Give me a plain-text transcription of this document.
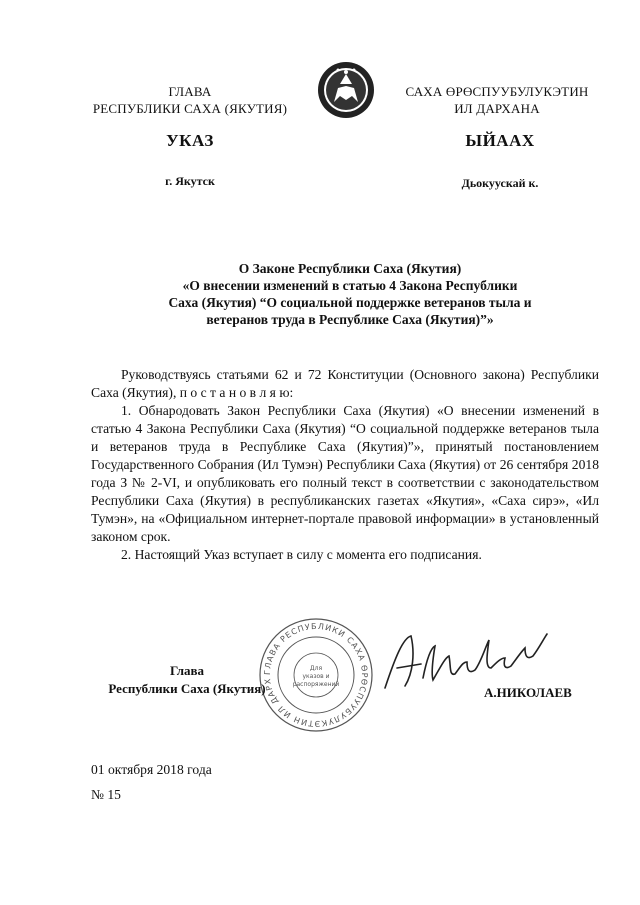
ГЛАВА
РЕСПУБЛИКИ САХА (ЯКУТИЯ)
САХА ӨРӨСПУУБУЛУКЭТИН
ИЛ ДАРХАНА
УКАЗ	ЫЙААХ
г. Якутск	Дьокуускай к.
О Законе Республики Саха (Якутия)
«О внесении изменений в статью 4 Закона Республики
Саха (Якутия) “О социальной поддержке ветеранов тыла и
ветеранов труда в Республике Саха (Якутия)”»

Руководствуясь статьями 62 и 72 Конституции (Основного закона) Республики Саха (Якутия), п о с т а н о в л я ю:

1. Обнародовать Закон Республики Саха (Якутия) «О внесении изменений в статью 4 Закона Республики Саха (Якутия) “О социальной поддержке ветеранов тыла и ветеранов труда в Республике Саха (Якутия)”», принятый постановлением Государственного Собрания (Ил Тумэн) Республики Саха (Якутия) от 26 сентября 2018 года З № 2-VI, и опубликовать его полный текст в соответствии с законодательством Республики Саха (Якутия) в республиканских газетах «Якутия», «Саха сирэ», «Ил Тумэн», на «Официальном интернет-портале правовой информации» в установленный законом срок.

2. Настоящий Указ вступает в силу с момента его подписания.

ГЛАВА РЕСПУБЛИКИ САХА ӨРӨСПУУБУЛУКЭТИН ИЛ ДАРХ
Для
указов и
распоряжений
Глава
Республики Саха (Якутия)	А.НИКОЛАЕВ
01 октября 2018 года
№ 15
